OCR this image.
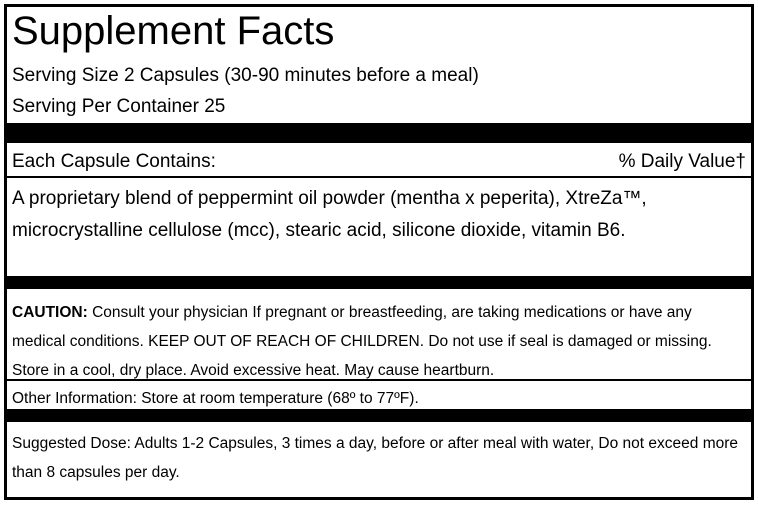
Supplement Facts
Serving Size 2 Capsules (30-90 minutes before a meal)
Serving Per Container 25
Each Capsule Contains:	% Daily Value†
A proprietary blend of peppermint oil powder (mentha x peperita), XtreZa™, microcrystalline cellulose (mcc), stearic acid, silicone dioxide, vitamin B6.
CAUTION: Consult your physician If pregnant or breastfeeding, are taking medications or have any medical conditions. KEEP OUT OF REACH OF CHILDREN. Do not use if seal is damaged or missing. Store in a cool, dry place. Avoid excessive heat. May cause heartburn.
Other Information: Store at room temperature (68º to 77ºF).
Suggested Dose: Adults 1-2 Capsules, 3 times a day, before or after meal with water, Do not exceed more than 8 capsules per day.
